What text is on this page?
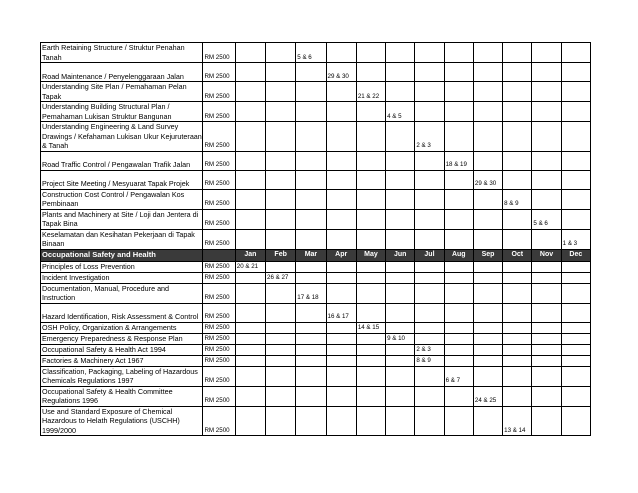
Earth Retaining Structure / Struktur Penahan Tanah	RM 2500			5 & 6									
Road Maintenance / Penyelenggaraan Jalan	RM 2500				29 & 30								
Understanding Site Plan / Pemahaman Pelan Tapak	RM 2500					21 & 22							
Understanding Building Structural Plan / Pemahaman Lukisan Struktur Bangunan	RM 2500						4 & 5						
Understanding Engineering & Land Survey Drawings / Kefahaman Lukisan Ukur Kejuruteraan & Tanah	RM 2500							2 & 3					
Road Traffic Control / Pengawalan Trafik Jalan	RM 2500								18 & 19				
Project Site Meeting / Mesyuarat Tapak Projek	RM 2500									29 & 30			
Construction Cost Control / Pengawalan Kos Pembinaan	RM 2500										8 & 9		
Plants and Machinery at Site / Loji dan Jentera di Tapak Bina	RM 2500											5 & 6	
Keselamatan dan Kesihatan Pekerjaan di Tapak Binaan	RM 2500												1 & 3
Occupational Safety and Health		Jan	Feb	Mar	Apr	May	Jun	Jul	Aug	Sep	Oct	Nov	Dec
Principles of Loss Prevention	RM 2500	20 & 21											
Incident Investigation	RM 2500		26 & 27										
Documentation, Manual, Procedure and Instruction	RM 2500			17 & 18									
Hazard Identification, Risk Assessment & Control	RM 2500				16 & 17								
OSH Policy, Organization & Arrangements	RM 2500					14 & 15							
Emergency Preparedness & Response Plan	RM 2500						9 & 10						
Occupational Safety & Health Act 1994	RM 2500							2 & 3					
Factories & Machinery Act 1967	RM 2500							8 & 9					
Classification, Packaging, Labeling of Hazardous Chemicals Regulations 1997	RM 2500								6 & 7				
Occupational Safety & Health Committee Regulations 1996	RM 2500									24 & 25			
Use and Standard Exposure of Chemical Hazardous to Helath Regulations (USCHH) 1999/2000	RM 2500										13 & 14		
